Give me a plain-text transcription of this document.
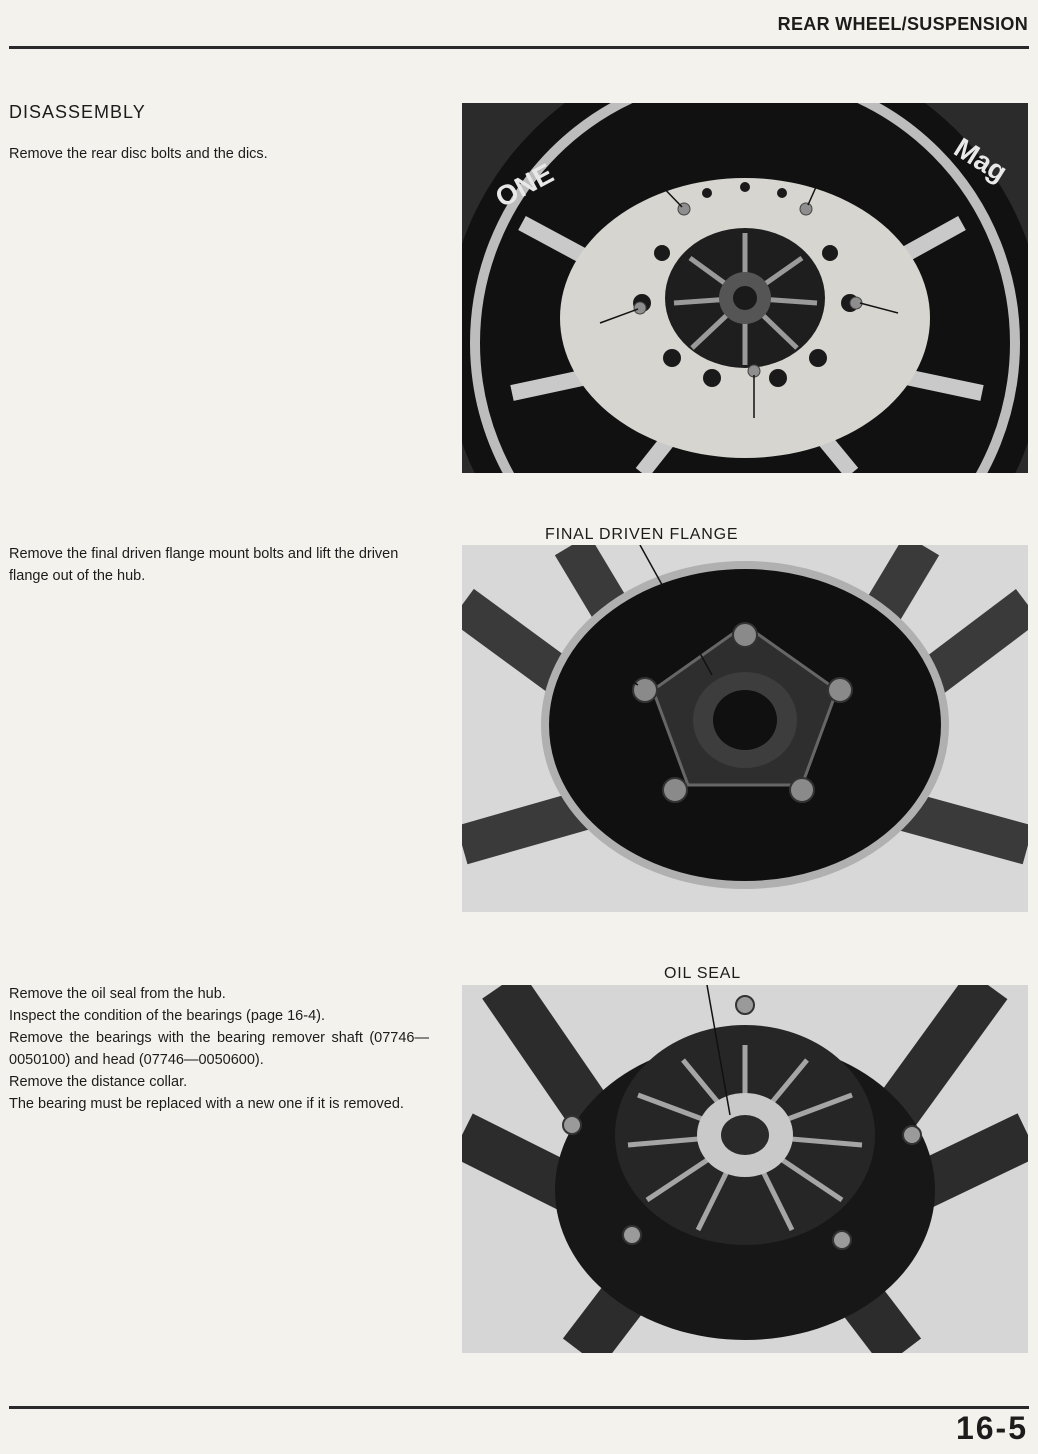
REAR WHEEL/SUSPENSION
DISASSEMBLY

Remove the rear disc bolts and the dics.

Remove the final driven flange mount bolts and lift the driven flange out of the hub.

Remove the oil seal from the hub.

Inspect the condition of the bearings (page 16-4).

Remove the bearings with the bearing remover shaft (07746—0050100) and head (07746—0050600).

Remove the distance collar.

The bearing must be replaced with a new one if it is removed.

ONE	Mag
FINAL DRIVEN FLANGE
OIL SEAL
16-5
